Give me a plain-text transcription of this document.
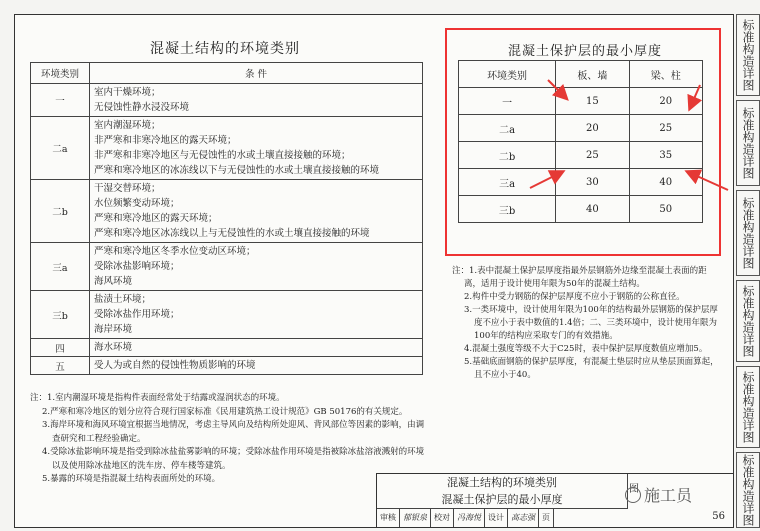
标准构造详图
标准构造详图
标准构造详图
标准构造详图
标准构造详图
标准构造详图
混凝土结构的环境类别
环境类别	条 件
一	室内干燥环境；
无侵蚀性静水浸没环境

二a	室内潮湿环境；
非严寒和非寒冷地区的露天环境；
非严寒和非寒冷地区与无侵蚀性的水或土壤直接接触的环境；
严寒和寒冷地区的冰冻线以下与无侵蚀性的水或土壤直接接触的环境

二b	干湿交替环境；
水位频繁变动环境；
严寒和寒冷地区的露天环境；
严寒和寒冷地区冰冻线以上与无侵蚀性的水或土壤直接接触的环境

三a	严寒和寒冷地区冬季水位变动区环境；
受除冰盐影响环境；
海风环境

三b	盐渍土环境；
受除冰盐作用环境；
海岸环境

四	海水环境

五	受人为或自然的侵蚀性物质影响的环境
注：1.室内潮湿环境是指构件表面经常处于结露或湿润状态的环境。
2.严寒和寒冷地区的划分应符合现行国家标准《民用建筑热工设计规范》GB 50176的有关规定。
3.海岸环境和海风环境宜根据当地情况，考虑主导风向及结构所处迎风、背风部位等因素的影响，由调查研究和工程经验确定。
4.受除冰盐影响环境是指受到除冰盐盐雾影响的环境；受除冰盐作用环境是指被除冰盐溶液溅射的环境以及使用除冰盐地区的洗车房、停车楼等建筑。
5.暴露的环境是指混凝土结构表面所处的环境。
混凝土保护层的最小厚度
环境类别	板、墙	梁、柱
一	15	20
二a	20	25
二b	25	35
三a	30	40
三b	40	50
注：1.表中混凝土保护层厚度指最外层钢筋外边缘至混凝土表面的距离，适用于设计使用年限为50年的混凝土结构。
2.构件中受力钢筋的保护层厚度不应小于钢筋的公称直径。
3.一类环境中，设计使用年限为100年的结构最外层钢筋的保护层厚度不应小于表中数值的1.4倍；二、三类环境中，设计使用年限为100年的结构应采取专门的有效措施。
4.混凝土强度等级不大于C25时，表中保护层厚度数值应增加5。
5.基础底面钢筋的保护层厚度，有混凝土垫层时应从垫层顶面算起，且不应小于40。
混凝土结构的环境类别
混凝土保护层的最小厚度
图
审核 郁银泉 校对 冯海悦 设计 高志强 页	56
施工员
